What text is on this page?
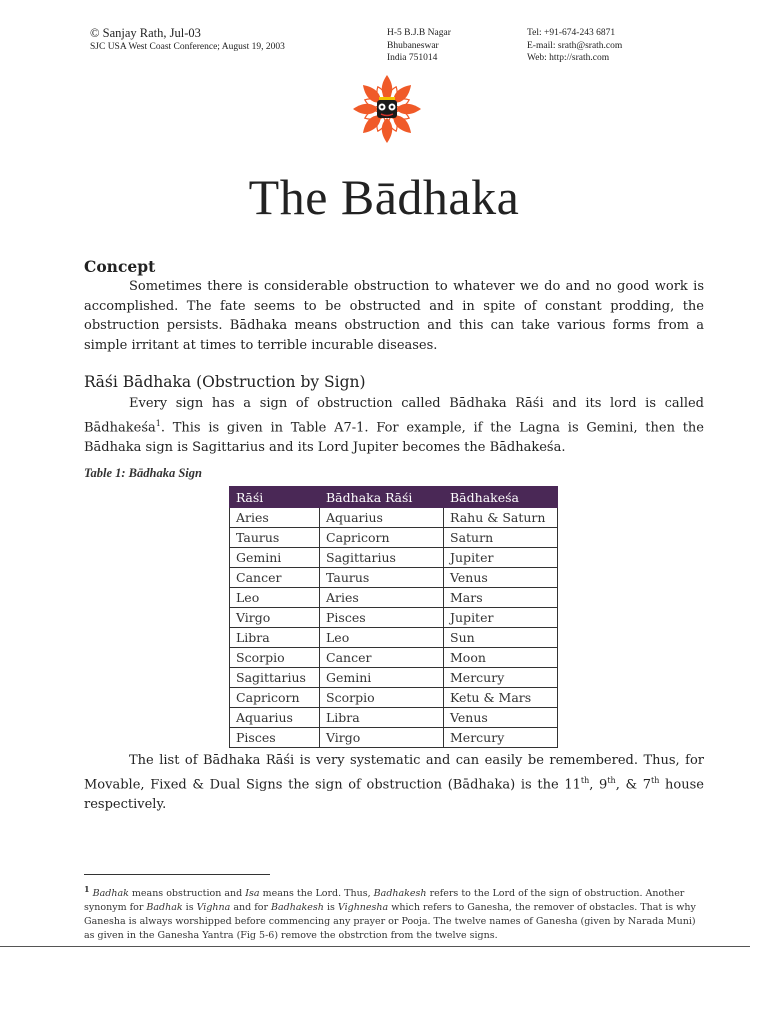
© Sanjay Rath, Jul-03
SJC USA West Coast Conference; August 19, 2003
H-5 B.J.B Nagar
Bhubaneswar
India 751014
Tel: +91-674-243 6871
E-mail: srath@srath.com
Web: http://srath.com
The Bādhaka
Concept
Sometimes there is considerable obstruction to whatever we do and no good work is accomplished. The fate seems to be obstructed and in spite of constant prodding, the obstruction persists. Bādhaka means obstruction and this can take various forms from a simple irritant at times to terrible incurable diseases.
Rāśi Bādhaka (Obstruction by Sign)
Every sign has a sign of obstruction called Bādhaka Rāśi and its lord is called Bādhakeśa$^1$. This is given in Table A7-1. For example, if the Lagna is Gemini, then the Bādhaka sign is Sagittarius and its Lord Jupiter becomes the Bādhakeśa.
Table 1: Bādhaka Sign
Rāśi	Bādhaka Rāśi	Bādhakeśa
Aries	Aquarius	Rahu & Saturn
Taurus	Capricorn	Saturn
Gemini	Sagittarius	Jupiter
Cancer	Taurus	Venus
Leo	Aries	Mars
Virgo	Pisces	Jupiter
Libra	Leo	Sun
Scorpio	Cancer	Moon
Sagittarius	Gemini	Mercury
Capricorn	Scorpio	Ketu & Mars
Aquarius	Libra	Venus
Pisces	Virgo	Mercury
The list of Bādhaka Rāśi is very systematic and can easily be remembered. Thus, for Movable, Fixed & Dual Signs the sign of obstruction (Bādhaka) is the 11th, 9th, & 7th house respectively.
$^1$ Badhak means obstruction and Isa means the Lord. Thus, Badhakesh refers to the Lord of the sign of obstruction. Another synonym for Badhak is Vighna and for Badhakesh is Vighnesha which refers to Ganesha, the remover of obstacles. That is why Ganesha is always worshipped before commencing any prayer or Pooja. The twelve names of Ganesha (given by Narada Muni) as given in the Ganesha Yantra (Fig 5-6) remove the obstrction from the twelve signs.
